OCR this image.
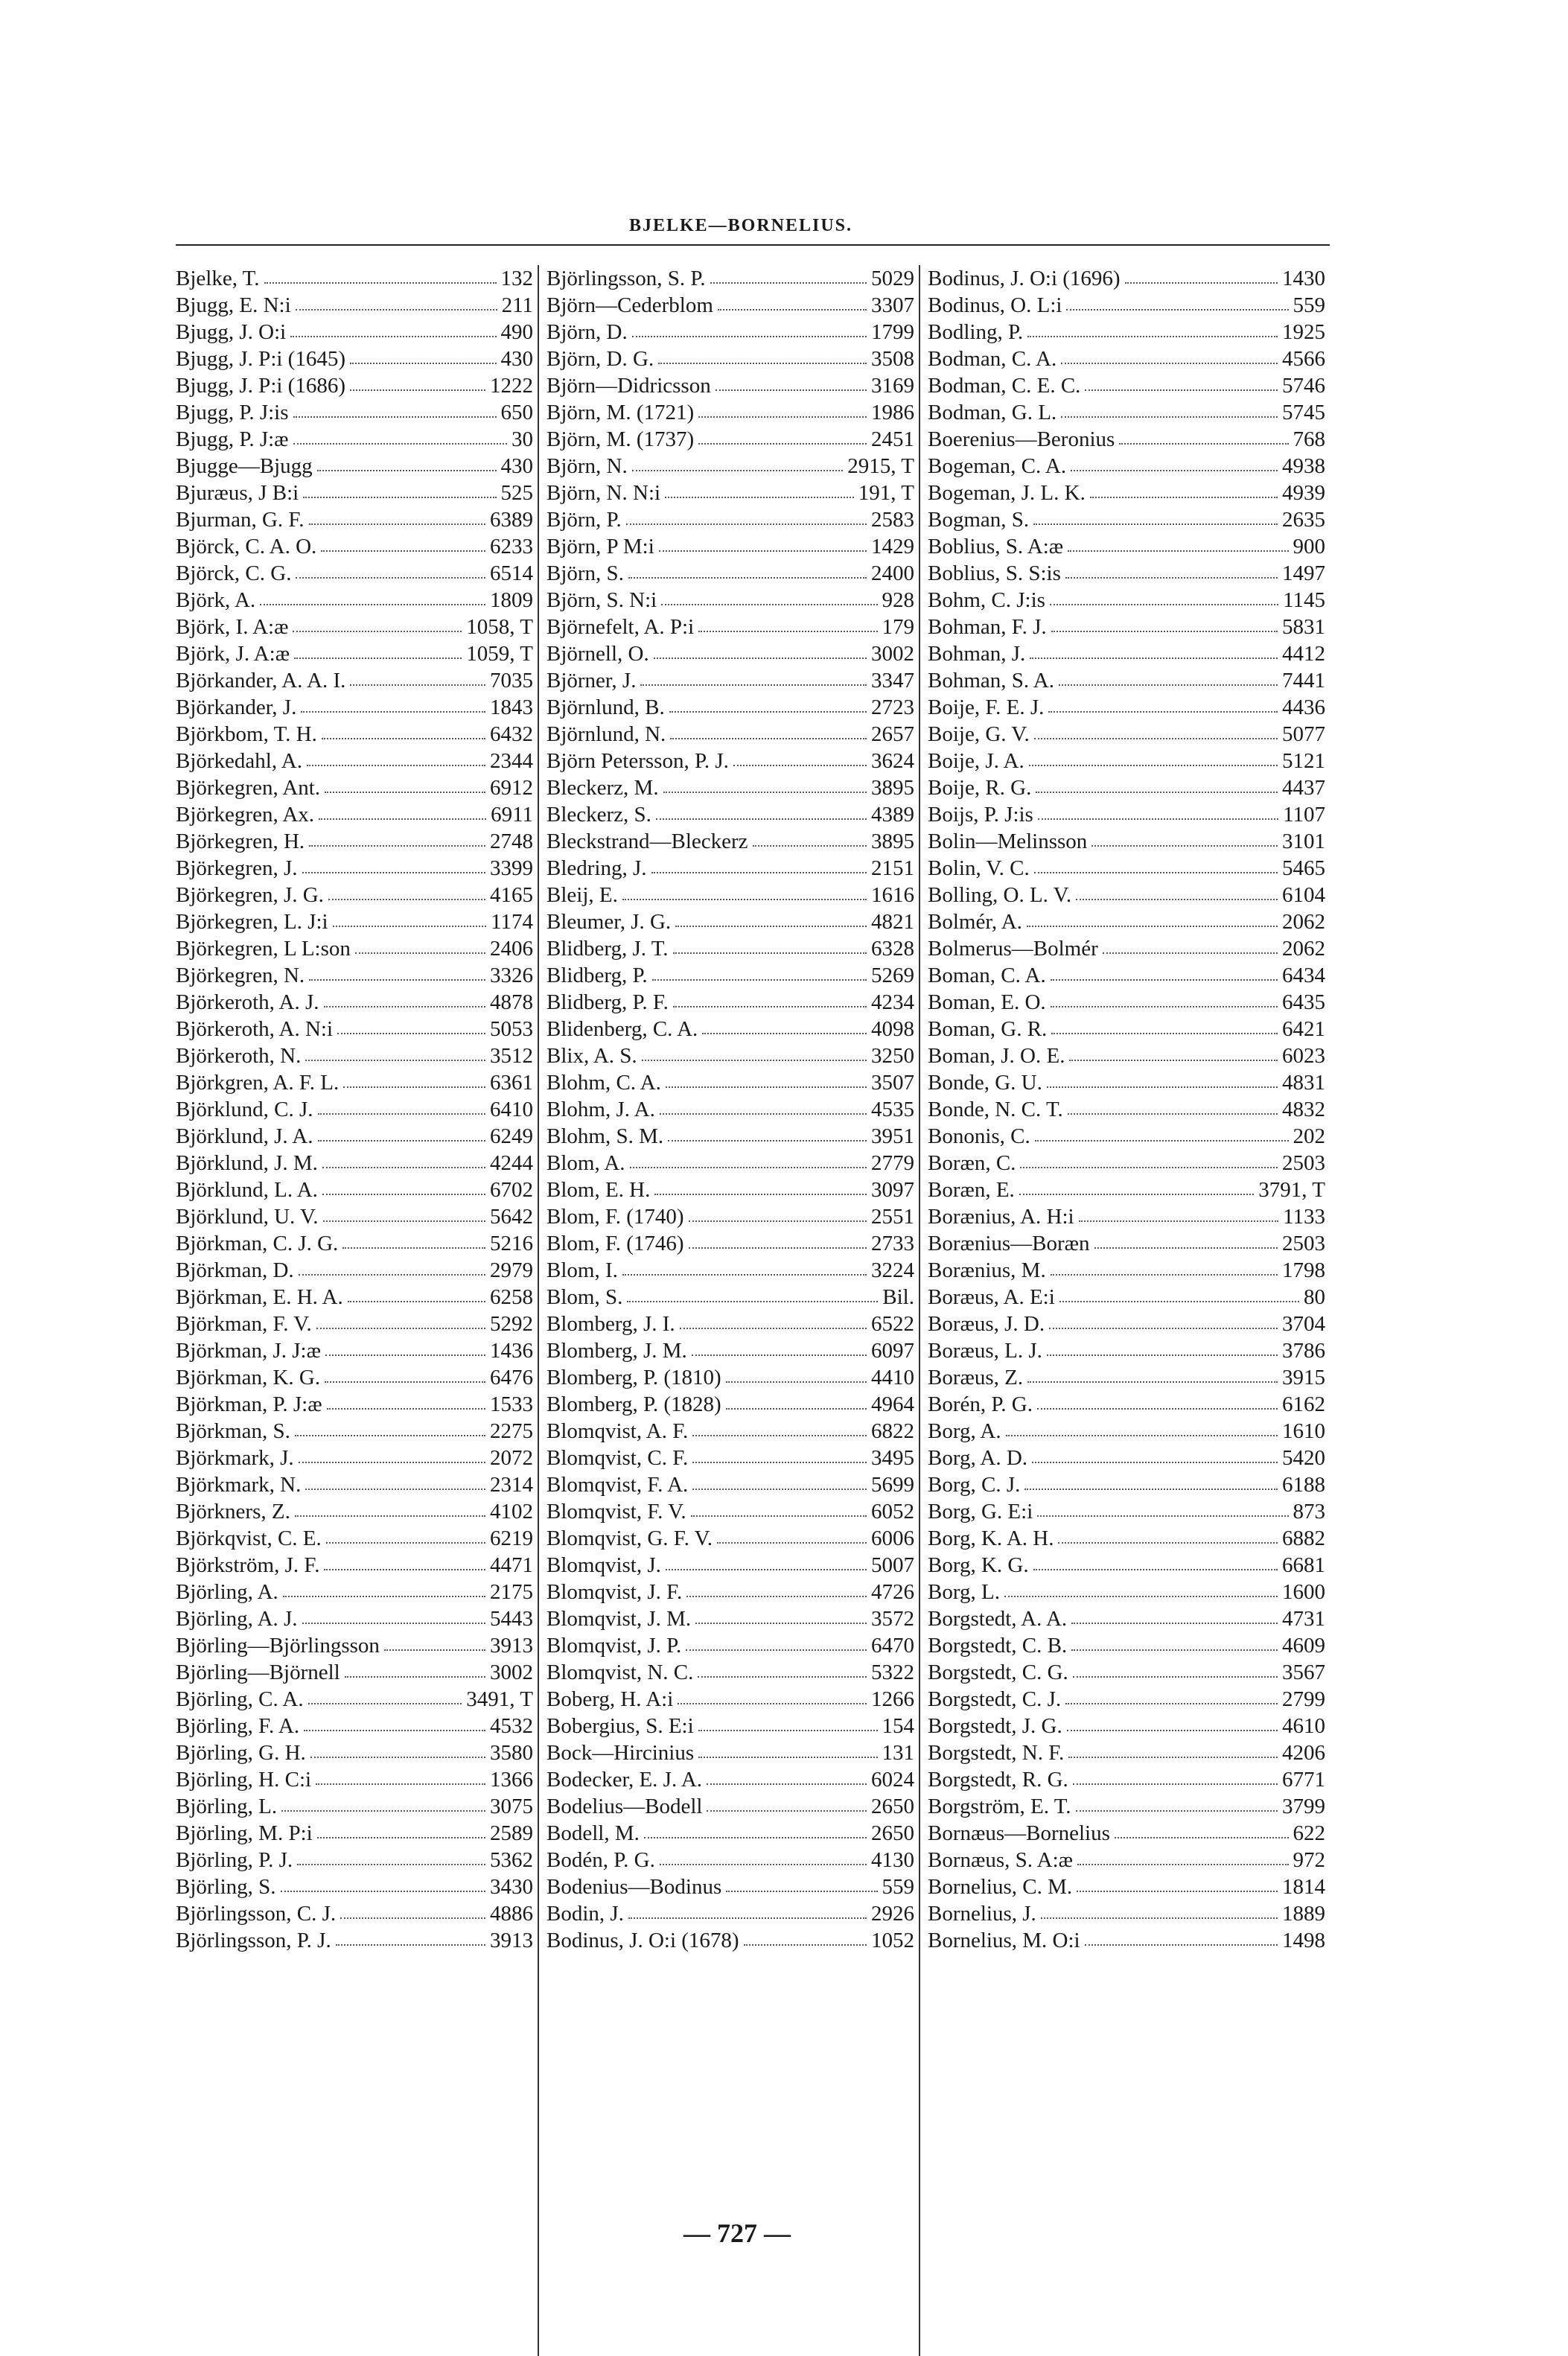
BJELKE—BORNELIUS.
Bjelke, T.	132
Bjugg, E. N:i	211
Bjugg, J. O:i	490
Bjugg, J. P:i (1645)	430
Bjugg, J. P:i (1686)	1222
Bjugg, P. J:is	650
Bjugg, P. J:æ	30
Bjugge—Bjugg	430
Bjuræus, J B:i	525
Bjurman, G. F.	6389
Björck, C. A. O.	6233
Björck, C. G.	6514
Björk, A.	1809
Björk, I. A:æ	1058, T
Björk, J. A:æ	1059, T
Björkander, A. A. I.	7035
Björkander, J.	1843
Björkbom, T. H.	6432
Björkedahl, A.	2344
Björkegren, Ant.	6912
Björkegren, Ax.	6911
Björkegren, H.	2748
Björkegren, J.	3399
Björkegren, J. G.	4165
Björkegren, L. J:i	1174
Björkegren, L L:son	2406
Björkegren, N.	3326
Björkeroth, A. J.	4878
Björkeroth, A. N:i	5053
Björkeroth, N.	3512
Björkgren, A. F. L.	6361
Björklund, C. J.	6410
Björklund, J. A.	6249
Björklund, J. M.	4244
Björklund, L. A.	6702
Björklund, U. V.	5642
Björkman, C. J. G.	5216
Björkman, D.	2979
Björkman, E. H. A.	6258
Björkman, F. V.	5292
Björkman, J. J:æ	1436
Björkman, K. G.	6476
Björkman, P. J:æ	1533
Björkman, S.	2275
Björkmark, J.	2072
Björkmark, N.	2314
Björkners, Z.	4102
Björkqvist, C. E.	6219
Björkström, J. F.	4471
Björling, A.	2175
Björling, A. J.	5443
Björling—Björlingsson	3913
Björling—Björnell	3002
Björling, C. A.	3491, T
Björling, F. A.	4532
Björling, G. H.	3580
Björling, H. C:i	1366
Björling, L.	3075
Björling, M. P:i	2589
Björling, P. J.	5362
Björling, S.	3430
Björlingsson, C. J.	4886
Björlingsson, P. J.	3913
Björlingsson, S. P.	5029
Björn—Cederblom	3307
Björn, D.	1799
Björn, D. G.	3508
Björn—Didricsson	3169
Björn, M. (1721)	1986
Björn, M. (1737)	2451
Björn, N.	2915, T
Björn, N. N:i	191, T
Björn, P.	2583
Björn, P M:i	1429
Björn, S.	2400
Björn, S. N:i	928
Björnefelt, A. P:i	179
Björnell, O.	3002
Björner, J.	3347
Björnlund, B.	2723
Björnlund, N.	2657
Björn Petersson, P. J.	3624
Bleckerz, M.	3895
Bleckerz, S.	4389
Bleckstrand—Bleckerz	3895
Bledring, J.	2151
Bleij, E.	1616
Bleumer, J. G.	4821
Blidberg, J. T.	6328
Blidberg, P.	5269
Blidberg, P. F.	4234
Blidenberg, C. A.	4098
Blix, A. S.	3250
Blohm, C. A.	3507
Blohm, J. A.	4535
Blohm, S. M.	3951
Blom, A.	2779
Blom, E. H.	3097
Blom, F. (1740)	2551
Blom, F. (1746)	2733
Blom, I.	3224
Blom, S.	Bil.
Blomberg, J. I.	6522
Blomberg, J. M.	6097
Blomberg, P. (1810)	4410
Blomberg, P. (1828)	4964
Blomqvist, A. F.	6822
Blomqvist, C. F.	3495
Blomqvist, F. A.	5699
Blomqvist, F. V.	6052
Blomqvist, G. F. V.	6006
Blomqvist, J.	5007
Blomqvist, J. F.	4726
Blomqvist, J. M.	3572
Blomqvist, J. P.	6470
Blomqvist, N. C.	5322
Boberg, H. A:i	1266
Bobergius, S. E:i	154
Bock—Hircinius	131
Bodecker, E. J. A.	6024
Bodelius—Bodell	2650
Bodell, M.	2650
Bodén, P. G.	4130
Bodenius—Bodinus	559
Bodin, J.	2926
Bodinus, J. O:i (1678)	1052
Bodinus, J. O:i (1696)	1430
Bodinus, O. L:i	559
Bodling, P.	1925
Bodman, C. A.	4566
Bodman, C. E. C.	5746
Bodman, G. L.	5745
Boerenius—Beronius	768
Bogeman, C. A.	4938
Bogeman, J. L. K.	4939
Bogman, S.	2635
Boblius, S. A:æ	900
Boblius, S. S:is	1497
Bohm, C. J:is	1145
Bohman, F. J.	5831
Bohman, J.	4412
Bohman, S. A.	7441
Boije, F. E. J.	4436
Boije, G. V.	5077
Boije, J. A.	5121
Boije, R. G.	4437
Boijs, P. J:is	1107
Bolin—Melinsson	3101
Bolin, V. C.	5465
Bolling, O. L. V.	6104
Bolmér, A.	2062
Bolmerus—Bolmér	2062
Boman, C. A.	6434
Boman, E. O.	6435
Boman, G. R.	6421
Boman, J. O. E.	6023
Bonde, G. U.	4831
Bonde, N. C. T.	4832
Bononis, C.	202
Boræn, C.	2503
Boræn, E.	3791, T
Borænius, A. H:i	1133
Borænius—Boræn	2503
Borænius, M.	1798
Boræus, A. E:i	80
Boræus, J. D.	3704
Boræus, L. J.	3786
Boræus, Z.	3915
Borén, P. G.	6162
Borg, A.	1610
Borg, A. D.	5420
Borg, C. J.	6188
Borg, G. E:i	873
Borg, K. A. H.	6882
Borg, K. G.	6681
Borg, L.	1600
Borgstedt, A. A.	4731
Borgstedt, C. B.	4609
Borgstedt, C. G.	3567
Borgstedt, C. J.	2799
Borgstedt, J. G.	4610
Borgstedt, N. F.	4206
Borgstedt, R. G.	6771
Borgström, E. T.	3799
Bornæus—Bornelius	622
Bornæus, S. A:æ	972
Bornelius, C. M.	1814
Bornelius, J.	1889
Bornelius, M. O:i	1498
— 727 —
